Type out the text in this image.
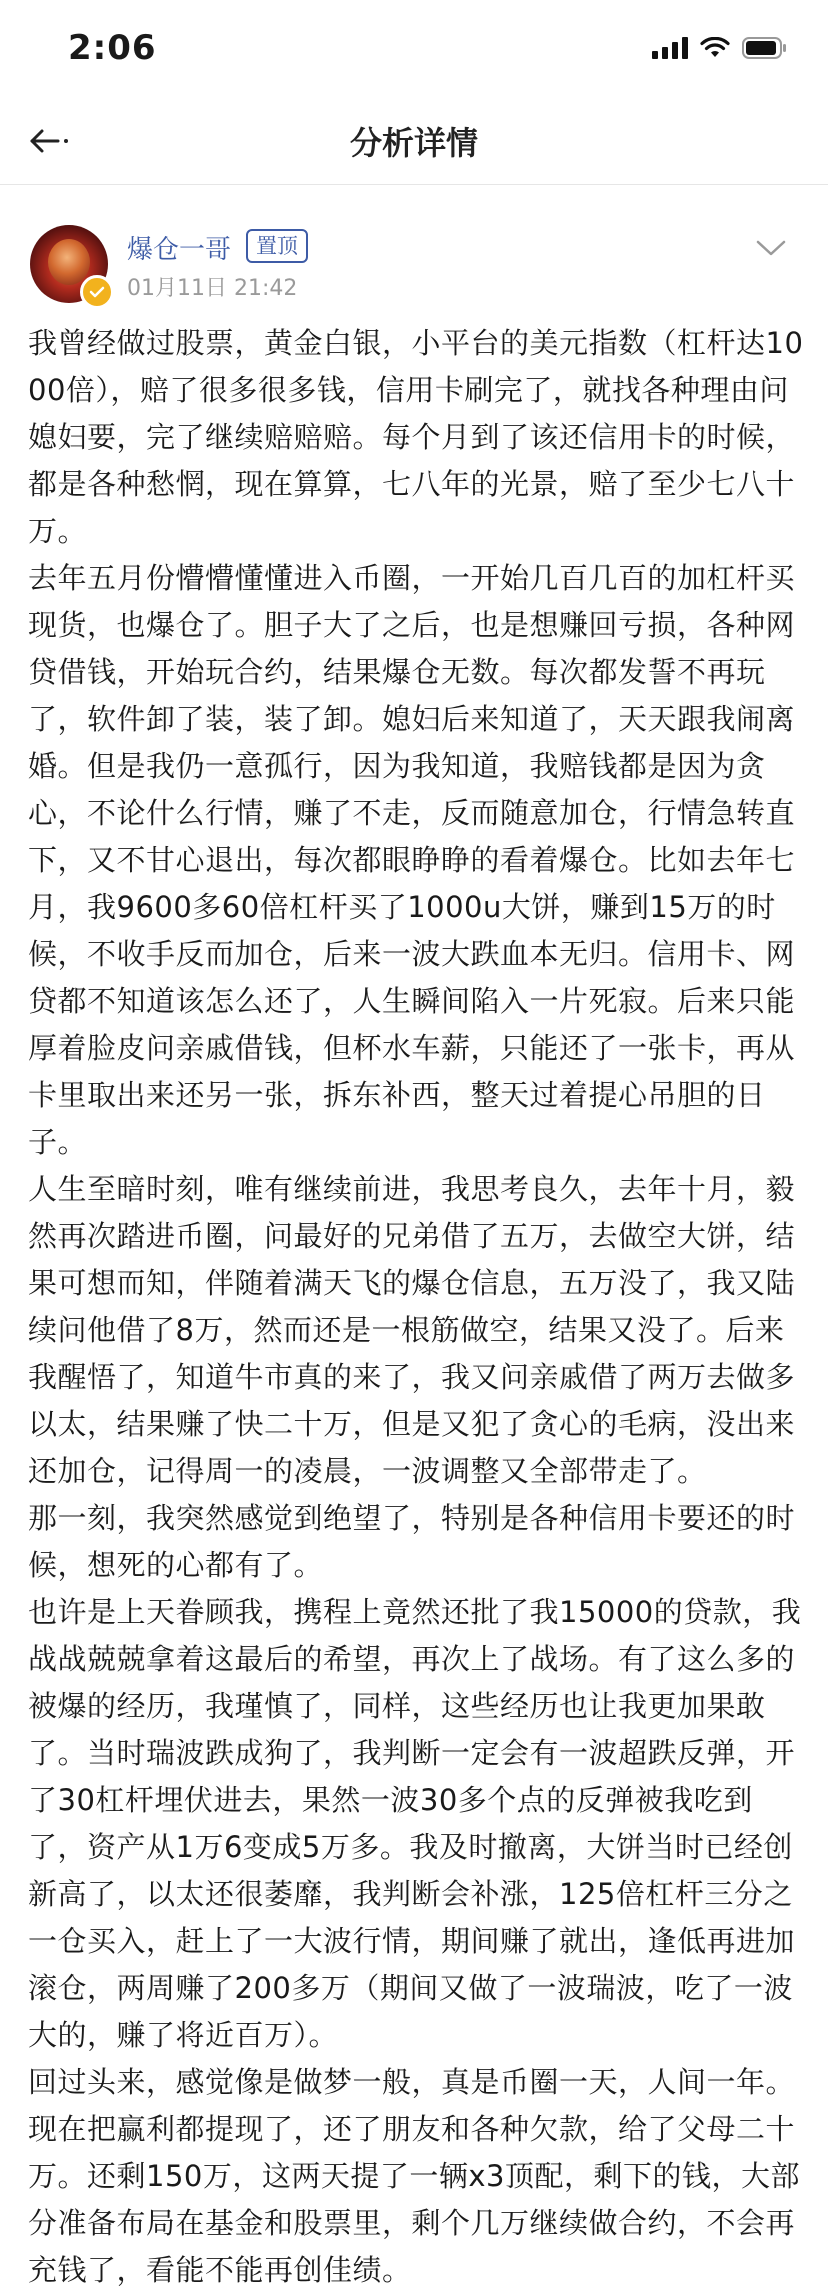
2:06
分析详情
爆仓一哥	置顶
01月11日 21:42

我曾经做过股票，黄金白银，小平台的美元指数（杠杆达1000倍），赔了很多很多钱，信用卡刷完了，就找各种理由问媳妇要，完了继续赔赔赔。每个月到了该还信用卡的时候，都是各种愁惘，现在算算，七八年的光景，赔了至少七八十万。

去年五月份懵懵懂懂进入币圈，一开始几百几百的加杠杆买现货，也爆仓了。胆子大了之后，也是想赚回亏损，各种网贷借钱，开始玩合约，结果爆仓无数。每次都发誓不再玩了，软件卸了装，装了卸。媳妇后来知道了，天天跟我闹离婚。但是我仍一意孤行，因为我知道，我赔钱都是因为贪心，不论什么行情，赚了不走，反而随意加仓，行情急转直下，又不甘心退出，每次都眼睁睁的看着爆仓。比如去年七月，我9600多60倍杠杆买了1000u大饼，赚到15万的时候，不收手反而加仓，后来一波大跌血本无归。信用卡、网贷都不知道该怎么还了，人生瞬间陷入一片死寂。后来只能厚着脸皮问亲戚借钱，但杯水车薪，只能还了一张卡，再从卡里取出来还另一张，拆东补西，整天过着提心吊胆的日子。

人生至暗时刻，唯有继续前进，我思考良久，去年十月，毅然再次踏进币圈，问最好的兄弟借了五万，去做空大饼，结果可想而知，伴随着满天飞的爆仓信息，五万没了，我又陆续问他借了8万，然而还是一根筋做空，结果又没了。后来我醒悟了，知道牛市真的来了，我又问亲戚借了两万去做多以太，结果赚了快二十万，但是又犯了贪心的毛病，没出来还加仓，记得周一的凌晨，一波调整又全部带走了。

那一刻，我突然感觉到绝望了，特别是各种信用卡要还的时候，想死的心都有了。

也许是上天眷顾我，携程上竟然还批了我15000的贷款，我战战兢兢拿着这最后的希望，再次上了战场。有了这么多的被爆的经历，我瑾慎了，同样，这些经历也让我更加果敢了。当时瑞波跌成狗了，我判断一定会有一波超跌反弹，开了30杠杆埋伏进去，果然一波30多个点的反弹被我吃到了，资产从1万6变成5万多。我及时撤离，大饼当时已经创新高了，以太还很萎靡，我判断会补涨，125倍杠杆三分之一仓买入，赶上了一大波行情，期间赚了就出，逢低再进加滚仓，两周赚了200多万（期间又做了一波瑞波，吃了一波大的，赚了将近百万）。

回过头来，感觉像是做梦一般，真是币圈一天，人间一年。现在把赢利都提现了，还了朋友和各种欠款，给了父母二十万。还剩150万，这两天提了一辆x3顶配，剩下的钱，大部分准备布局在基金和股票里，剩个几万继续做合约，不会再充钱了，看能不能再创佳绩。
